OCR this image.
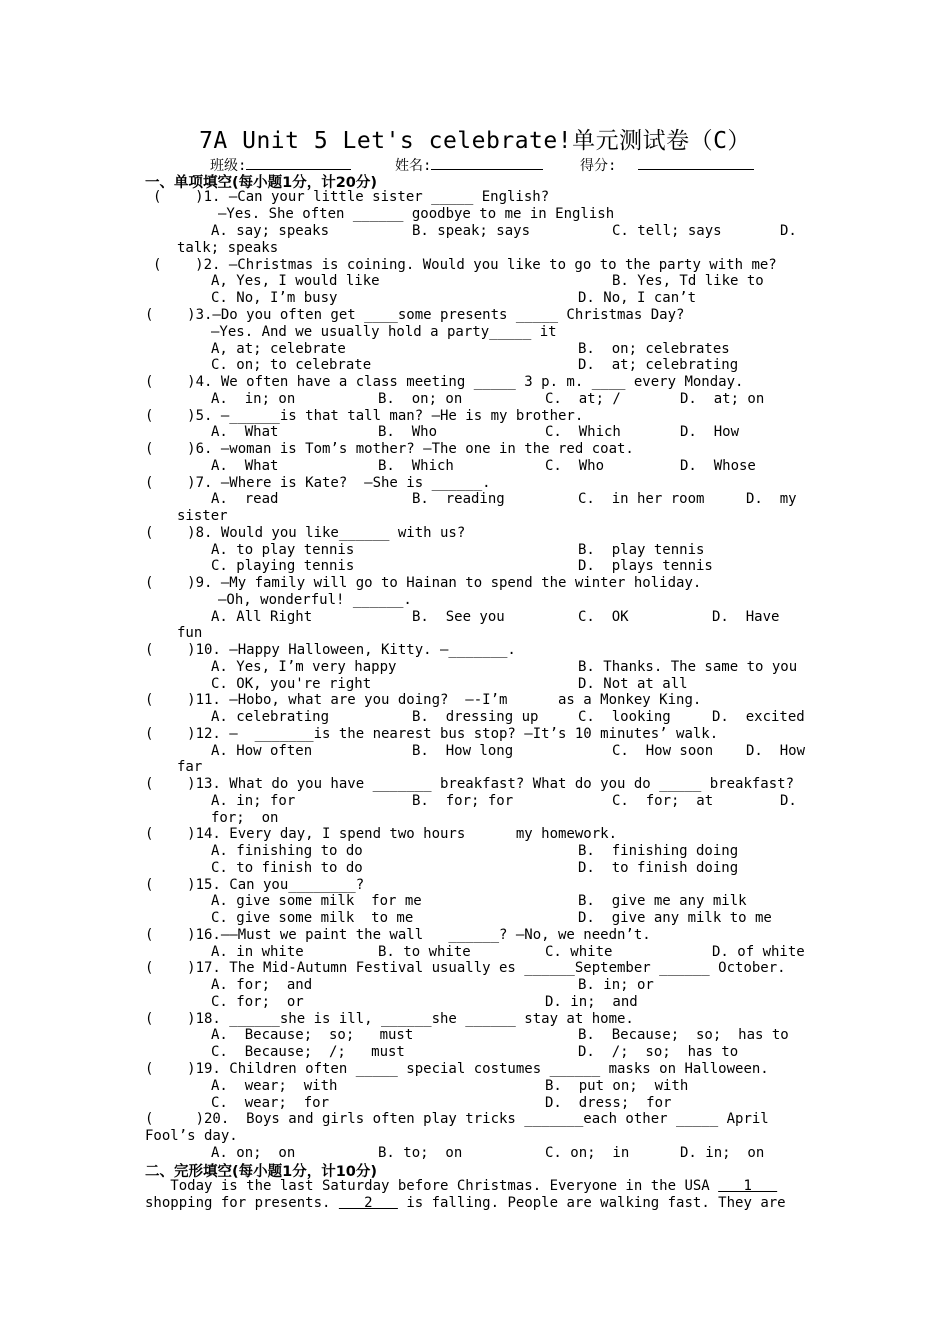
7A Unit 5 Let's celebrate!单元测试卷（C）
班级:	姓名:	得分:
一、单项填空(每小题1分，计20分)
(    )1. —Can your little sister _____ English?
—Yes. She often ______ goodbye to me in English
A. say; speaks	B. speak; says	C. tell; says	D.
talk; speaks
(    )2. —Christmas is coining. Would you like to go to the party with me?
A, Yes, I would like	B. Yes, Td like to
C. No, I’m busy	D. No, I can’t
(    )3.—Do you often get ____some presents _____ Christmas Day?
—Yes. And we usually hold a party_____ it
A, at; celebrate	B.  on; celebrates
C. on; to celebrate	D.  at; celebrating
(    )4. We often have a class meeting _____ 3 p. m. ____ every Monday.
A.  in; on	B.  on; on	C.  at; /	D.  at; on
(    )5. —______is that tall man? —He is my brother.
A.  What	B.  Who	C.  Which	D.  How
(    )6. —woman is Tom’s mother? —The one in the red coat.
A.  What	B.  Which	C.  Who	D.  Whose
(    )7. —Where is Kate?  —She is ______.
A.  read	B.  reading	C.  in her room	D.  my
sister
(    )8. Would you like______ with us?
A. to play tennis	B.  play tennis
C. playing tennis	D.  plays tennis
(    )9. —My family will go to Hainan to spend the winter holiday.
—Oh, wonderful! ______.
A. All Right	B.  See you	C.  OK	D.  Have
fun
(    )10. —Happy Halloween, Kitty. —_______.
A. Yes, I’m very happy	B. Thanks. The same to you
C. OK, you're right	D. Not at all
(    )11. —Hobo, what are you doing?  —-I’m      as a Monkey King.
A. celebrating	B.  dressing up	C.  looking	D.  excited
(    )12. —  _______is the nearest bus stop? —It’s 10 minutes’ walk.
A. How often	B.  How long	C.  How soon D.  How
far
(    )13. What do you have _______ breakfast? What do you do _____ breakfast?
A. in; for	B.  for; for	C.  for;  at	D.
for;  on
(    )14. Every day, I spend two hours      my homework.
A. finishing to do	B.  finishing doing
C. to finish to do	D.  to finish doing
(    )15. Can you________?
A. give some milk  for me	B.  give me any milk
C. give some milk  to me	D.  give any milk to me
(    )16.——Must we paint the wall   ______? —No, we needn’t.
A. in white	B. to white	C. white	D. of white
(    )17. The Mid-Autumn Festival usually es ______September ______ October.
A. for;  and	B. in; or
C. for;  or	D. in;  and
(    )18. ______she is ill, ______she ______ stay at home.
A.  Because;  so;   must	B.  Because;  so;  has to
C.  Because;  /;   must	D.  /;  so;  has to
(    )19. Children often _____ special costumes ______ masks on Halloween.
A.  wear;  with	B.  put on;  with
C.  wear;  for	D.  dress;  for
(     )20.  Boys and girls often play tricks _______each other _____ April
Fool’s day.
A. on;  on	B. to;  on	C. on;  in	D. in;  on
二、完形填空(每小题1分，计10分)
Today is the last Saturday before Christmas. Everyone in the USA    1
shopping for presents.    2    is falling. People are walking fast. They are
